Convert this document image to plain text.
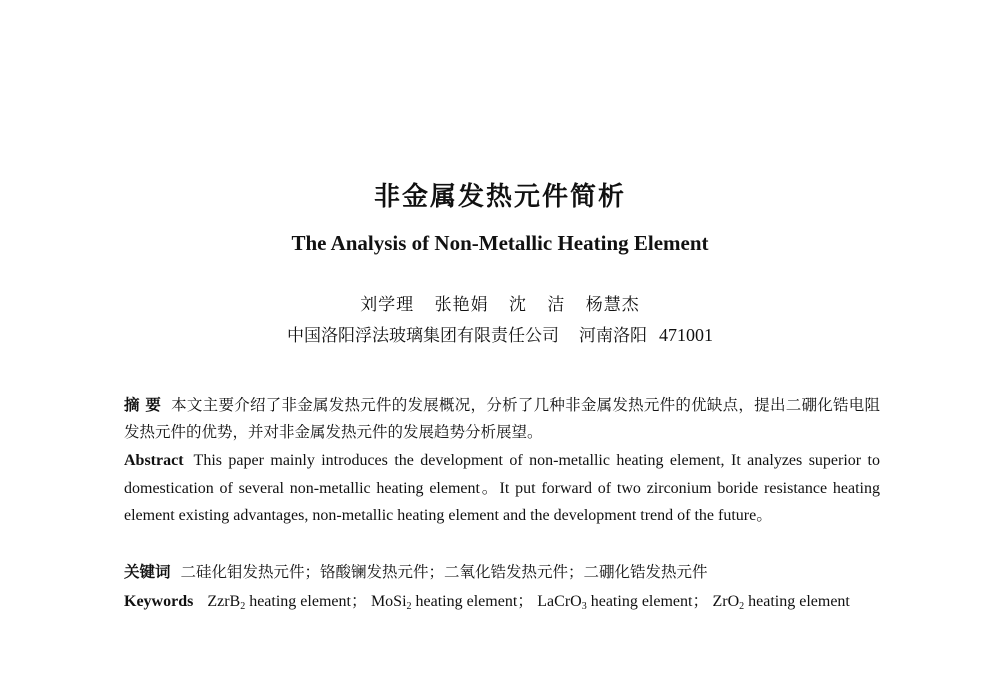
非金属发热元件简析
The Analysis of Non-Metallic Heating Element
刘学理 张艳娟 沈 洁 杨慧杰
中国洛阳浮法玻璃集团有限责任公司 河南洛阳 471001
摘 要 本文主要介绍了非金属发热元件的发展概况，分析了几种非金属发热元件的优缺点，提出二硼化锆电阻发热元件的优势，并对非金属发热元件的发展趋势分析展望。
Abstract This paper mainly introduces the development of non-metallic heating element, It analyzes superior to domestication of several non-metallic heating element。It put forward of two zirconium boride resistance heating element existing advantages, non-metallic heating element and the development trend of the future。
关键词 二硅化钼发热元件；铬酸镧发热元件；二氧化锆发热元件；二硼化锆发热元件
Keywords ZzrB$_2$ heating element； MoSi$_2$ heating element； LaCrO$_3$ heating element； ZrO$_2$ heating element
